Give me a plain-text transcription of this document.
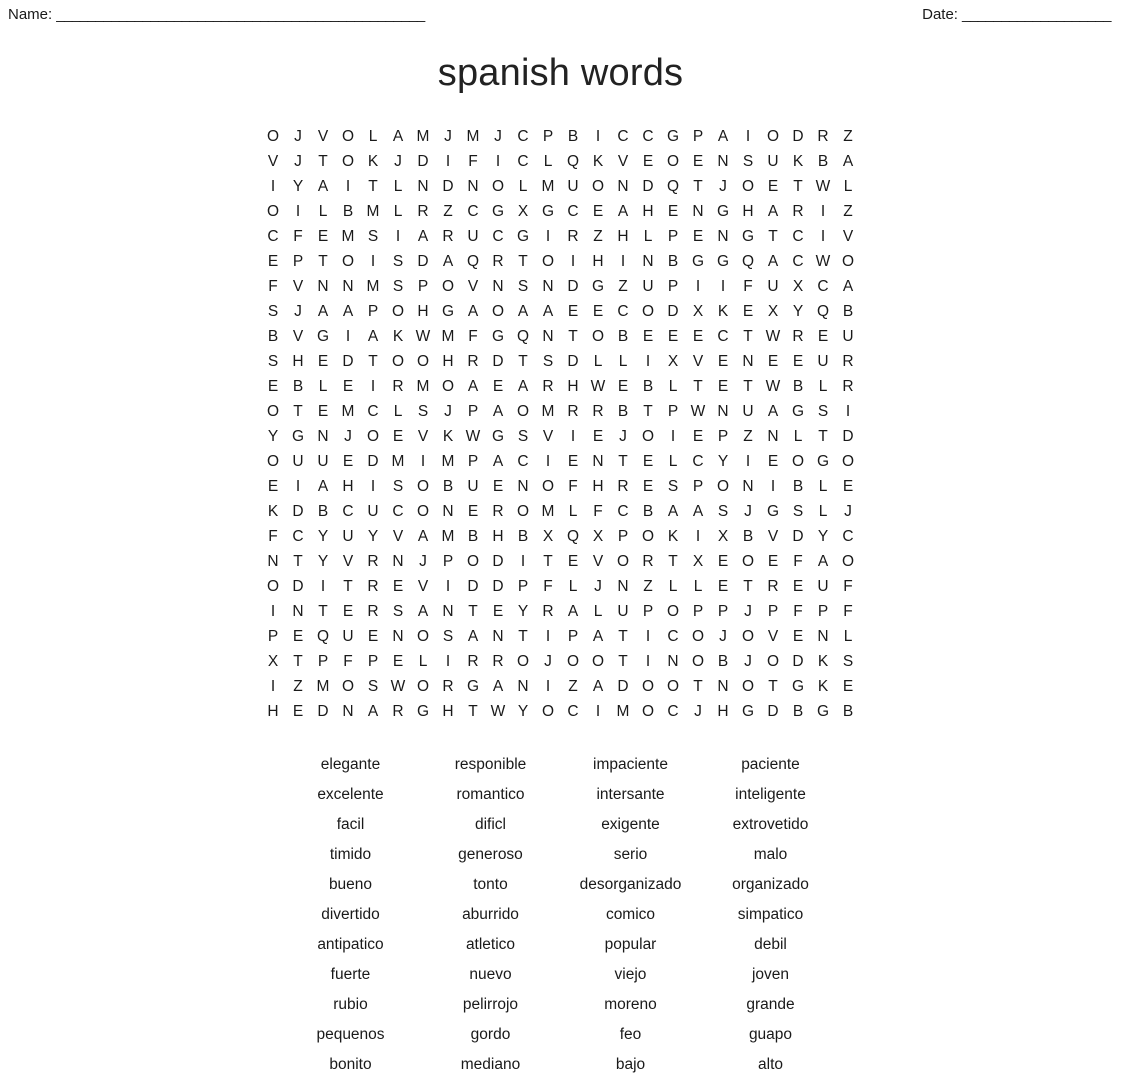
Name: _______________________________________________	Date: ___________________
spanish words
O J	V O L	A M J M J	C P B	I	C C G P A	I	O D R Z
V	J	T O K	J	D	I	F	I	C L Q K V E O E N S U K B A
I	Y A	I	T	L N D N O L M U O N D Q T	J O E T W L
O	I	L	B M L R Z C G X G C E A H E N G H A R	I	Z
C F E M S	I	A R U C G	I	R Z H L	P E N G T C	I	V
E P T O	I	S D A Q R T O	I	H	I	N B G G Q A C W O
F V N N M S P O V N S N D G Z U P	I	I	F U X C A
S	J	A A P O H G A O A A E E C O D X K E X Y Q B
B V G	I	A K W M F G Q N T O B E E E C T W R E U
S H E D T O O H R D T S D L	L	I	X V E N E E U R
E B	L	E	I	R M O A E A R H W E B	L	T E T W B	L R
O T E M C L	S	J	P A O M R R B T P W N U A G S	I
Y G N	J O E V K W G S V	I	E	J O	I	E P Z N L	T D
O U U E D M	I	M P A C	I	E N T E	L C Y	I	E O G O
E	I	A H	I	S O B U E N O F H R E S P O N	I	B	L	E
K D B C U C O N E R O M L	F C B A A S	J G S	L	J
F C Y U Y V A M B H B X Q X P O K	I	X B V D Y C
N T Y V R N	J	P O D	I	T E V O R T X E O E F A O
O D	I	T R E V	I	D D P F	L	J	N Z	L	L	E T R E U F
I	N T E R S A N T E Y R A	L U P O P P	J	P F P F
P E Q U E N O S A N T	I	P A T	I	C O J O V E N L
X T P F P E	L	I	R R O J O O T	I	N O B	J O D K S
I	Z M O S W O R G A N	I	Z A D O O T N O T G K E
H E D N A R G H T W Y O C	I	M O C	J	H G D B G B
elegante	responible	impaciente	paciente
excelente	romantico	intersante	inteligente
facil	dificl	exigente	extrovetido
timido	generoso	serio	malo
bueno	tonto	desorganizado	organizado
divertido	aburrido	comico	simpatico
antipatico	atletico	popular	debil
fuerte	nuevo	viejo	joven
rubio	pelirrojo	moreno	grande
pequenos	gordo	feo	guapo
bonito	mediano	bajo	alto
